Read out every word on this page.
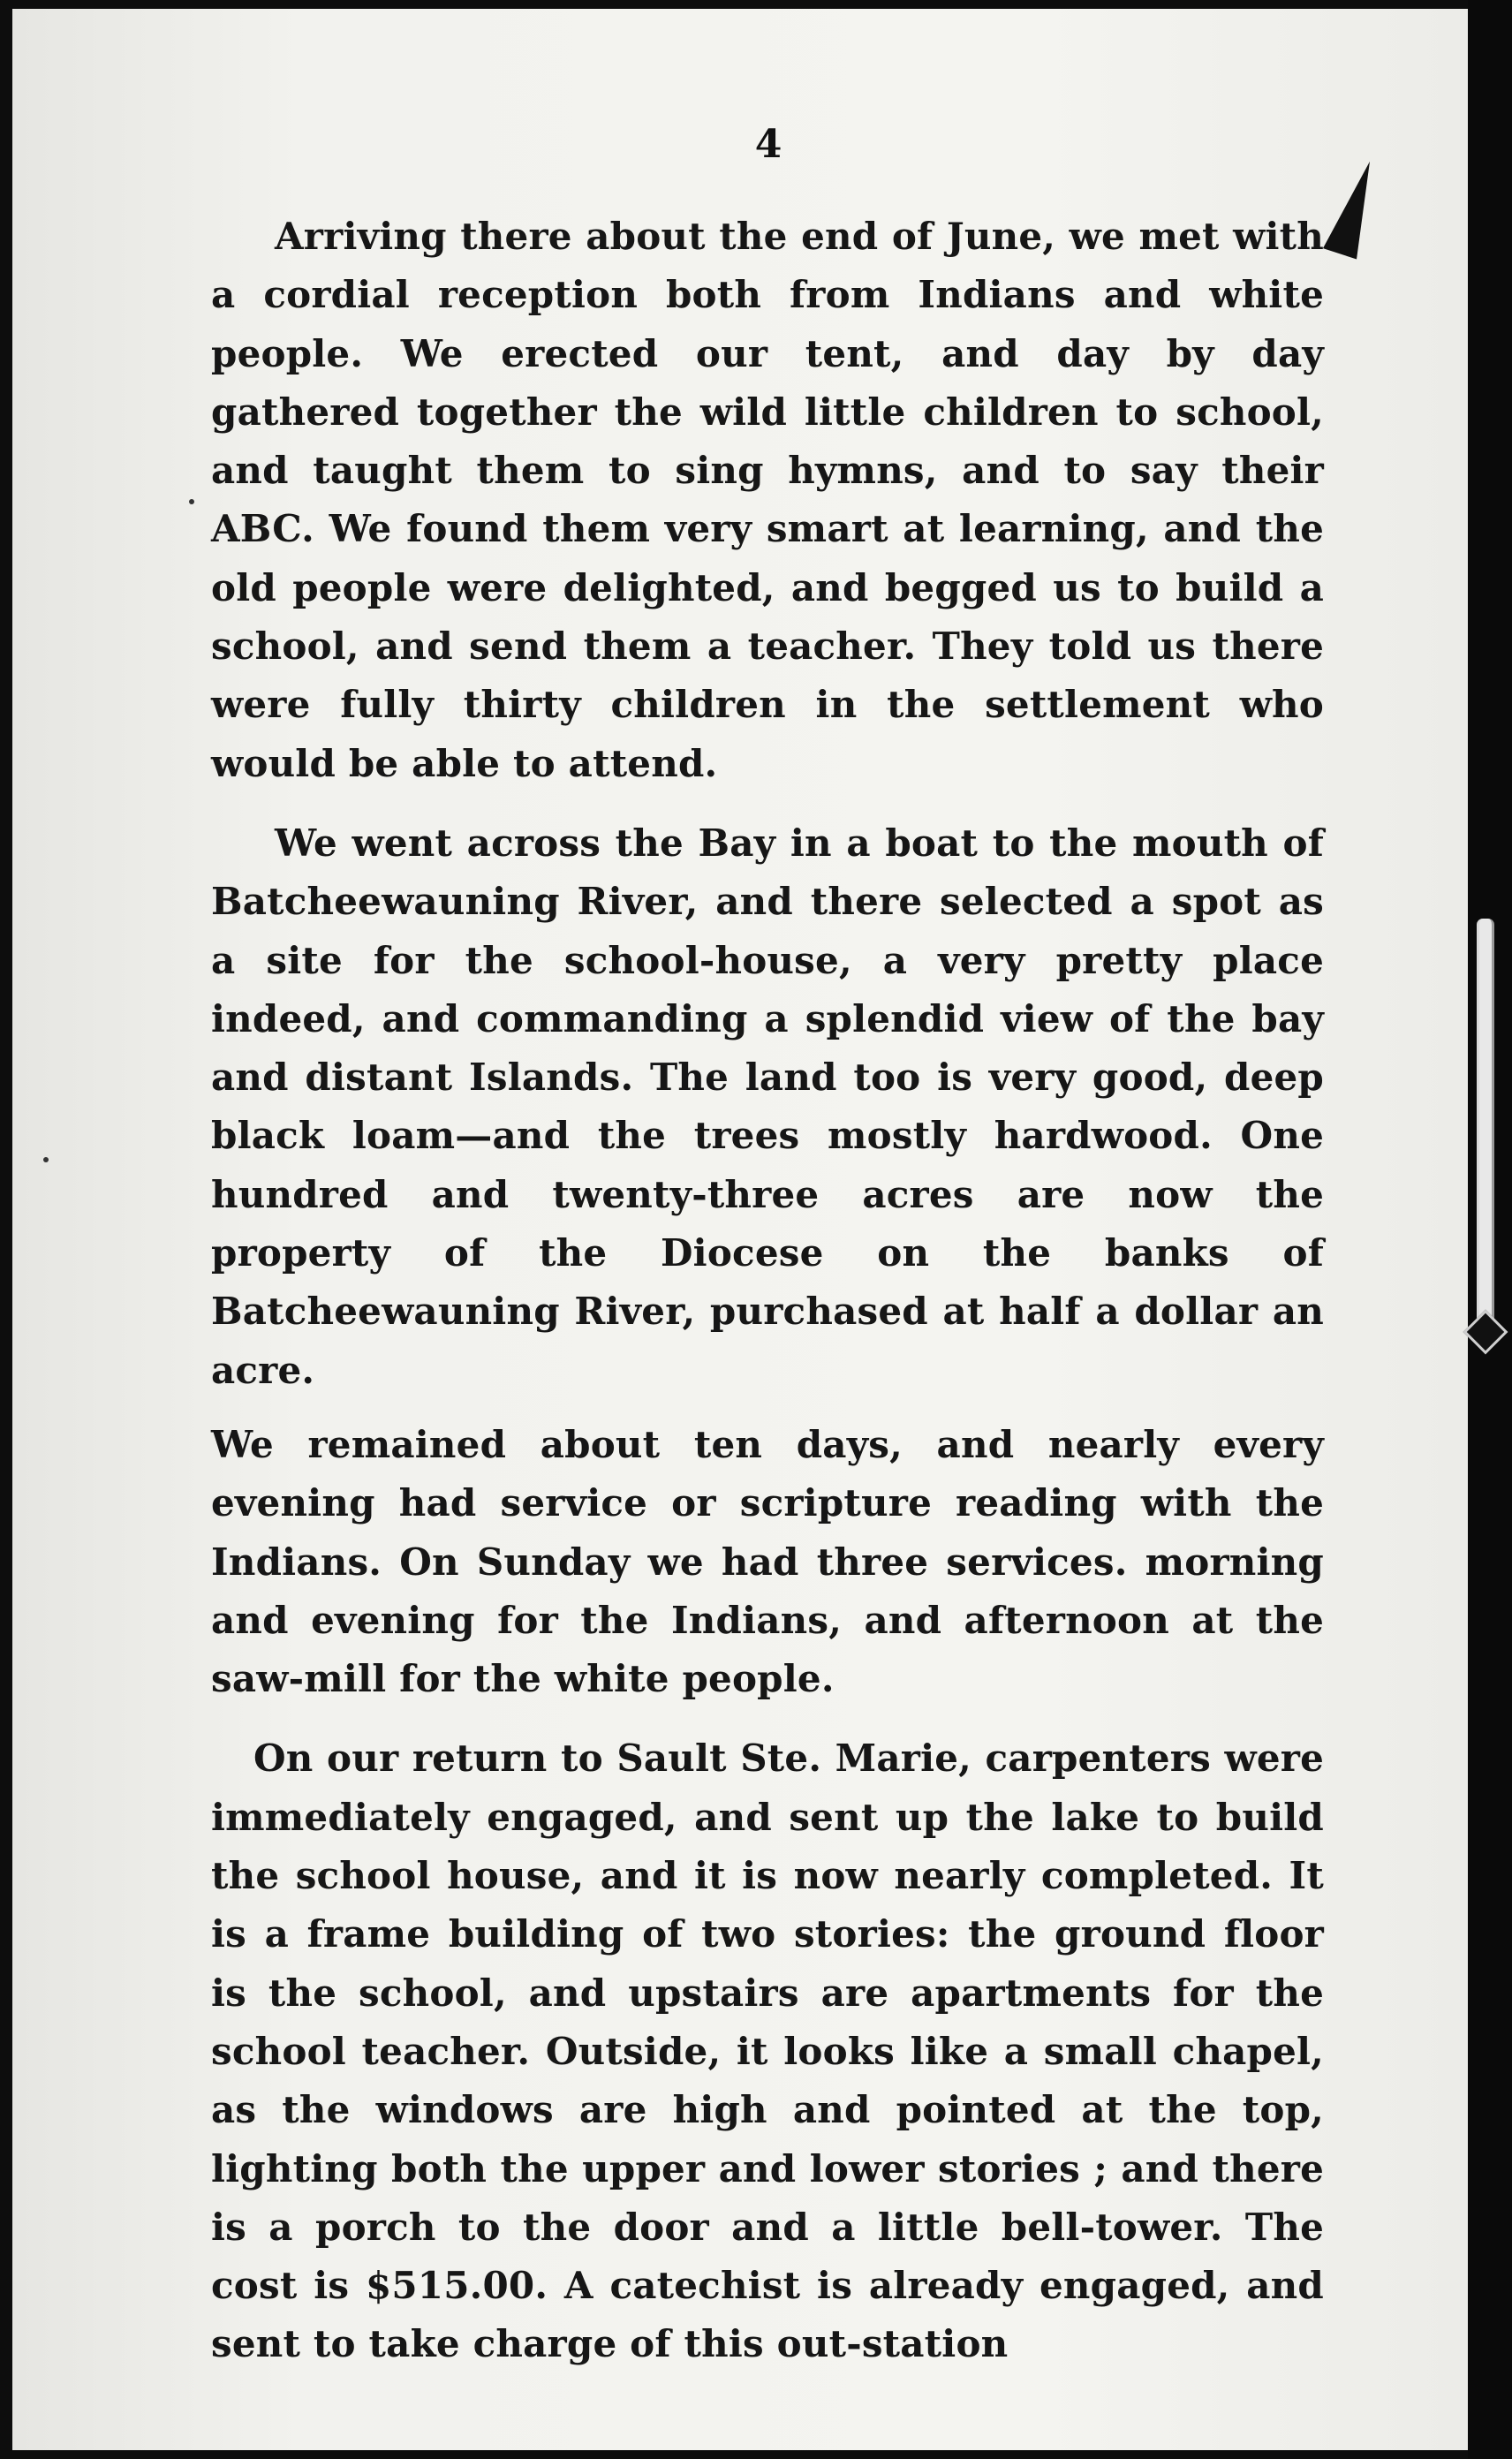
4

Arriving there about the end of June, we met with a cordial reception both from Indians and white people. We erected our tent, and day by day gathered together the wild little children to school, and taught them to sing hymns, and to say their ABC. We found them very smart at learning, and the old people were delighted, and begged us to build a school, and send them a teacher. They told us there were fully thirty children in the settlement who would be able to attend.

We went across the Bay in a boat to the mouth of Batcheewauning River, and there selected a spot as a site for the school-house, a very pretty place indeed, and commanding a splendid view of the bay and distant Islands. The land too is very good, deep black loam—and the trees mostly hardwood. One hundred and twenty-three acres are now the property of the Diocese on the banks of Batcheewauning River, purchased at half a dollar an acre.

We remained about ten days, and nearly every evening had service or scripture reading with the Indians. On Sunday we had three services. morning and evening for the Indians, and afternoon at the saw-mill for the white people.

On our return to Sault Ste. Marie, carpenters were immediately engaged, and sent up the lake to build the school house, and it is now nearly completed. It is a frame building of two stories: the ground floor is the school, and upstairs are apartments for the school teacher. Outside, it looks like a small chapel, as the windows are high and pointed at the top, lighting both the upper and lower stories ; and there is a porch to the door and a little bell-tower. The cost is $515.00. A catechist is already engaged, and sent to take charge of this out-station
